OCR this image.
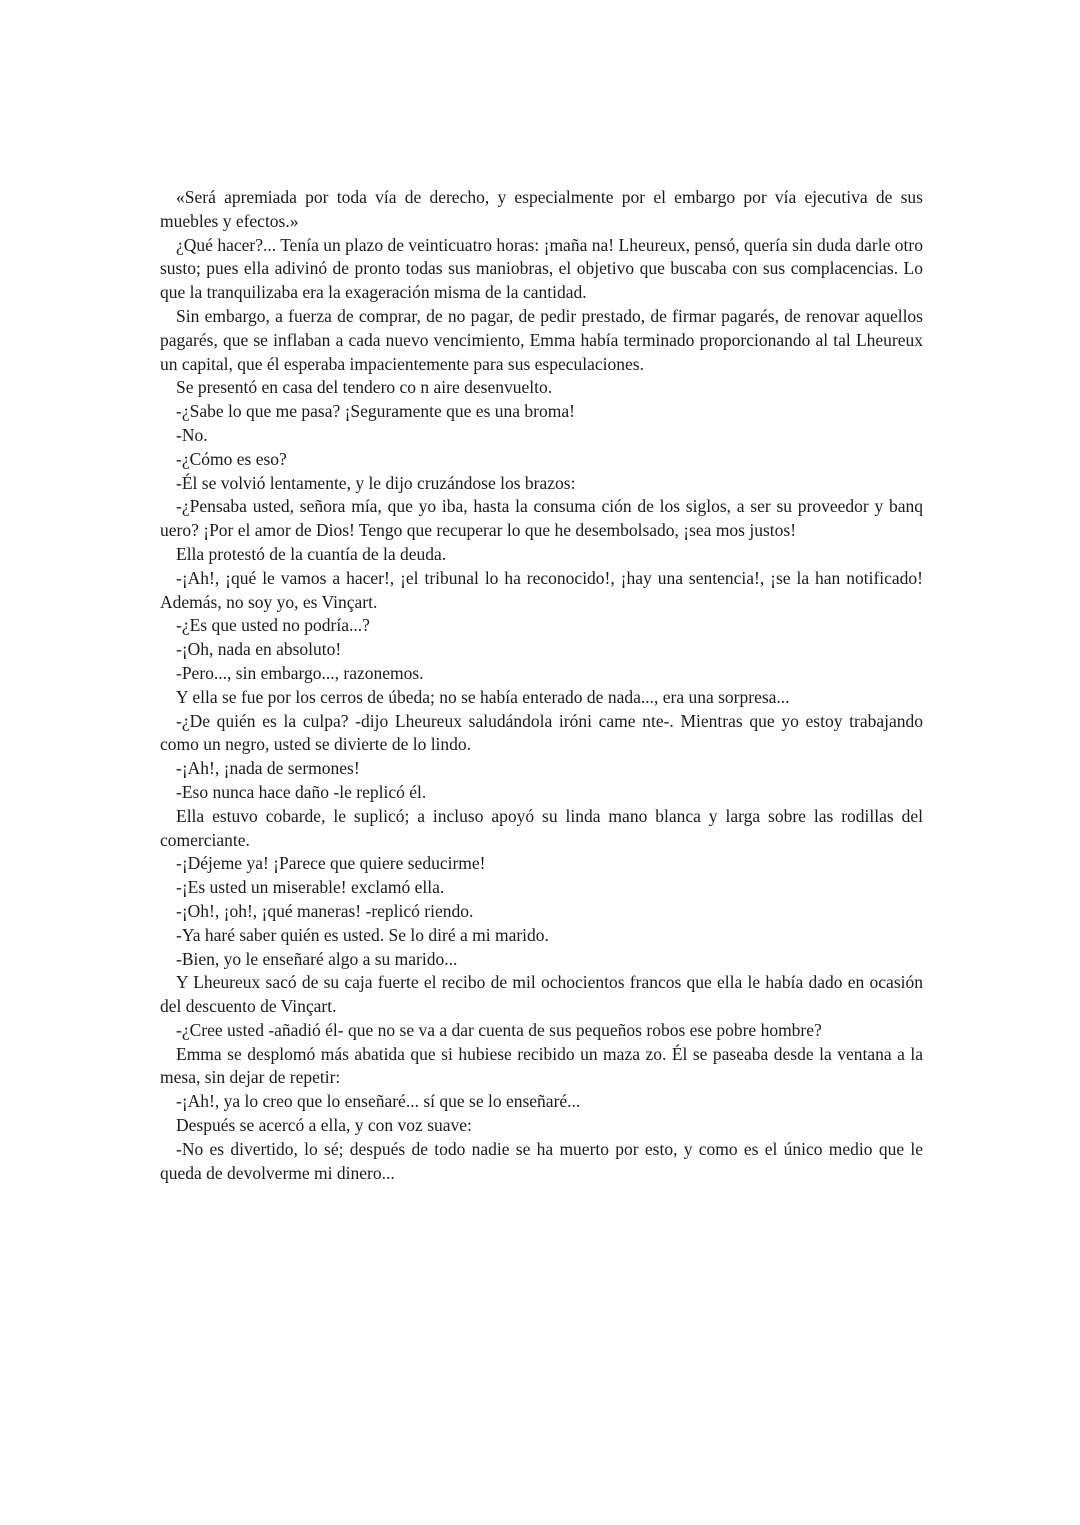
«Será apremiada por toda vía de derecho, y especialmente por el embargo por vía ejecutiva de sus muebles y efectos.»

¿Qué hacer?... Tenía un plazo de veinticuatro horas: ¡maña na! Lheureux, pensó, quería sin duda darle otro susto; pues ella adivinó de pronto todas sus maniobras, el objetivo que buscaba con sus complacencias. Lo que la tranquilizaba era la exageración misma de la cantidad.

Sin embargo, a fuerza de comprar, de no pagar, de pedir prestado, de firmar pagarés, de renovar aquellos pagarés, que se inflaban a cada nuevo vencimiento, Emma había terminado proporcionando al tal Lheureux un capital, que él esperaba impacientemente para sus especulaciones.

Se presentó en casa del tendero co n aire desenvuelto.

-¿Sabe lo que me pasa? ¡Seguramente que es una broma!

-No.

-¿Cómo es eso?

-Él se volvió lentamente, y le dijo cruzándose los brazos:

-¿Pensaba usted, señora mía, que yo iba, hasta la consuma ción de los siglos, a ser su proveedor y banq uero? ¡Por el amor de Dios! Tengo que recuperar lo que he desembolsado, ¡sea mos justos!

Ella protestó de la cuantía de la deuda.

-¡Ah!, ¡qué le vamos a hacer!, ¡el tribunal lo ha reconocido!, ¡hay una sentencia!, ¡se la han notificado! Además, no soy yo, es Vinçart.

-¿Es que usted no podría...?

-¡Oh, nada en absoluto!

-Pero..., sin embargo..., razonemos.

Y ella se fue por los cerros de úbeda; no se había enterado de nada..., era una sorpresa...

-¿De quién es la culpa? -dijo Lheureux saludándola iróni came nte-. Mientras que yo estoy trabajando como un negro, usted se divierte de lo lindo.

-¡Ah!, ¡nada de sermones!

-Eso nunca hace daño -le replicó él.

Ella estuvo cobarde, le suplicó; a incluso apoyó su linda mano blanca y larga sobre las rodillas del comerciante.

-¡Déjeme ya! ¡Parece que quiere seducirme!

-¡Es usted un miserable! exclamó ella.

-¡Oh!, ¡oh!, ¡qué maneras! -replicó riendo.

-Ya haré saber quién es usted. Se lo diré a mi marido.

-Bien, yo le enseñaré algo a su marido...

Y Lheureux sacó de su caja fuerte el recibo de mil ochocientos francos que ella le había dado en ocasión del descuento de Vinçart.

-¿Cree usted -añadió él- que no se va a dar cuenta de sus pequeños robos ese pobre hombre?

Emma se desplomó más abatida que si hubiese recibido un maza zo. Él se paseaba desde la ventana a la mesa, sin dejar de repetir:

-¡Ah!, ya lo creo que lo enseñaré... sí que se lo enseñaré...

Después se acercó a ella, y con voz suave:

-No es divertido, lo sé; después de todo nadie se ha muerto por esto, y como es el único medio que le queda de devolverme mi dinero...
